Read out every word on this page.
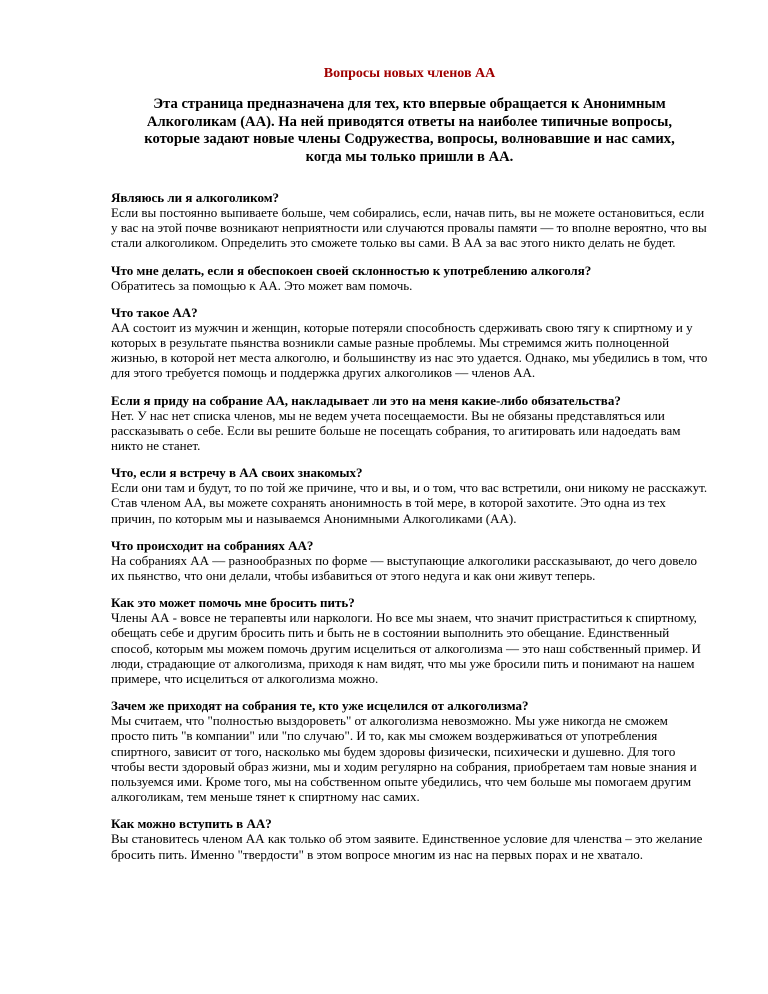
Вопросы новых членов АА
Эта страница предназначена для тех, кто впервые обращается к Анонимным Алкоголикам (АА). На ней приводятся ответы на наиболее типичные вопросы, которые задают новые члены Содружества, вопросы, волновавшие и нас самих, когда мы только пришли в АА.

Являюсь ли я алкоголиком?

Если вы постоянно выпиваете больше, чем собирались, если, начав пить, вы не можете остановиться, если у вас на этой почве возникают неприятности или случаются провалы памяти — то вполне вероятно, что вы стали алкоголиком. Определить это сможете только вы сами. В АА за вас этого никто делать не будет.

Что мне делать, если я обеспокоен своей склонностью к употреблению алкоголя?

Обратитесь за помощью к АА. Это может вам помочь.

Что такое АА?

АА состоит из мужчин и женщин, которые потеряли способность сдерживать свою тягу к спиртному и у которых в результате пьянства возникли самые разные проблемы. Мы стремимся жить полноценной жизнью, в которой нет места алкоголю, и большинству из нас это удается. Однако, мы убедились в том, что для этого требуется помощь и поддержка других алкоголиков — членов АА.

Если я приду на собрание АА, накладывает ли это на меня какие-либо обязательства?

Нет. У нас нет списка членов, мы не ведем учета посещаемости. Вы не обязаны представляться или рассказывать о себе. Если вы решите больше не посещать собрания, то агитировать или надоедать вам никто не станет.

Что, если я встречу в АА своих знакомых?

Если они там и будут, то по той же причине, что и вы, и о том, что вас встретили, они никому не расскажут. Став членом АА, вы можете сохранять анонимность в той мере, в которой захотите. Это одна из тех причин, по которым мы и называемся Анонимными Алкоголиками (АА).

Что происходит на собраниях АА?

На собраниях АА — разнообразных по форме — выступающие алкоголики рассказывают, до чего довело их пьянство, что они делали, чтобы избавиться от этого недуга и как они живут теперь.

Как это может помочь мне бросить пить?

Члены АА - вовсе не терапевты или наркологи. Но все мы знаем, что значит пристраститься к спиртному, обещать себе и другим бросить пить и быть не в состоянии выполнить это обещание. Единственный способ, которым мы можем помочь другим исцелиться от алкоголизма — это наш собственный пример. И люди, страдающие от алкоголизма, приходя к нам видят, что мы уже бросили пить и понимают на нашем примере, что исцелиться от алкоголизма можно.

Зачем же приходят на собрания те, кто уже исцелился от алкоголизма?

Мы считаем, что "полностью выздороветь" от алкоголизма невозможно. Мы уже никогда не сможем просто пить "в компании" или "по случаю". И то, как мы сможем воздерживаться от употребления спиртного, зависит от того, насколько мы будем здоровы физически, психически и душевно. Для того чтобы вести здоровый образ жизни, мы и ходим регулярно на собрания, приобретаем там новые знания и пользуемся ими. Кроме того, мы на собственном опыте убедились, что чем больше мы помогаем другим алкоголикам, тем меньше тянет к спиртному нас самих.

Как можно вступить в АА?

Вы становитесь членом АА как только об этом заявите. Единственное условие для членства – это желание бросить пить. Именно "твердости" в этом вопросе многим из нас на первых порах и не хватало.
